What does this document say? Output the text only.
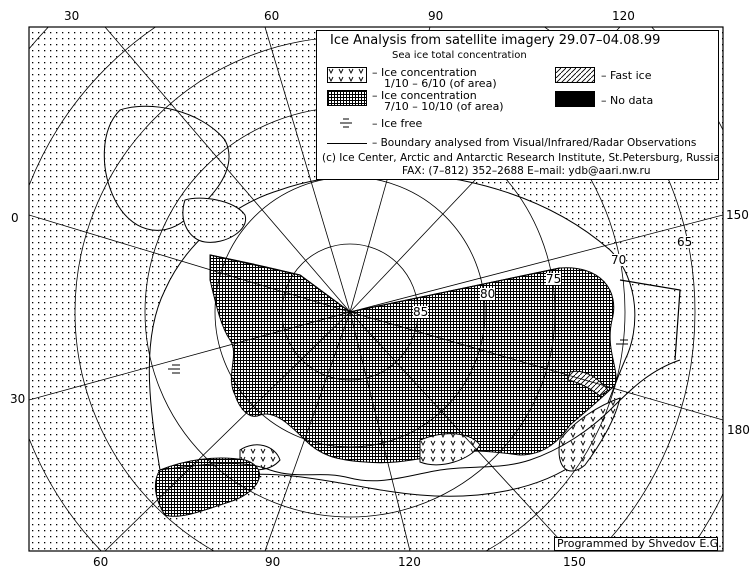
30	60	90	120
60	90	120	150
0
30
150
180
85
80
75
70
65
Ice Analysis from satellite imagery 29.07–04.08.99
Sea ice total concentration
– Ice concentration
1/10 – 6/10 (of area)
– Ice concentration
7/10 – 10/10 (of area)
– Ice free
– Fast ice
– No data
– Boundary analysed from Visual/Infrared/Radar Observations
(c) Ice Center, Arctic and Antarctic Research Institute, St.Petersburg, Russia
FAX: (7–812) 352–2688 E–mail: ydb@aari.nw.ru
Programmed by Shvedov E.G.
